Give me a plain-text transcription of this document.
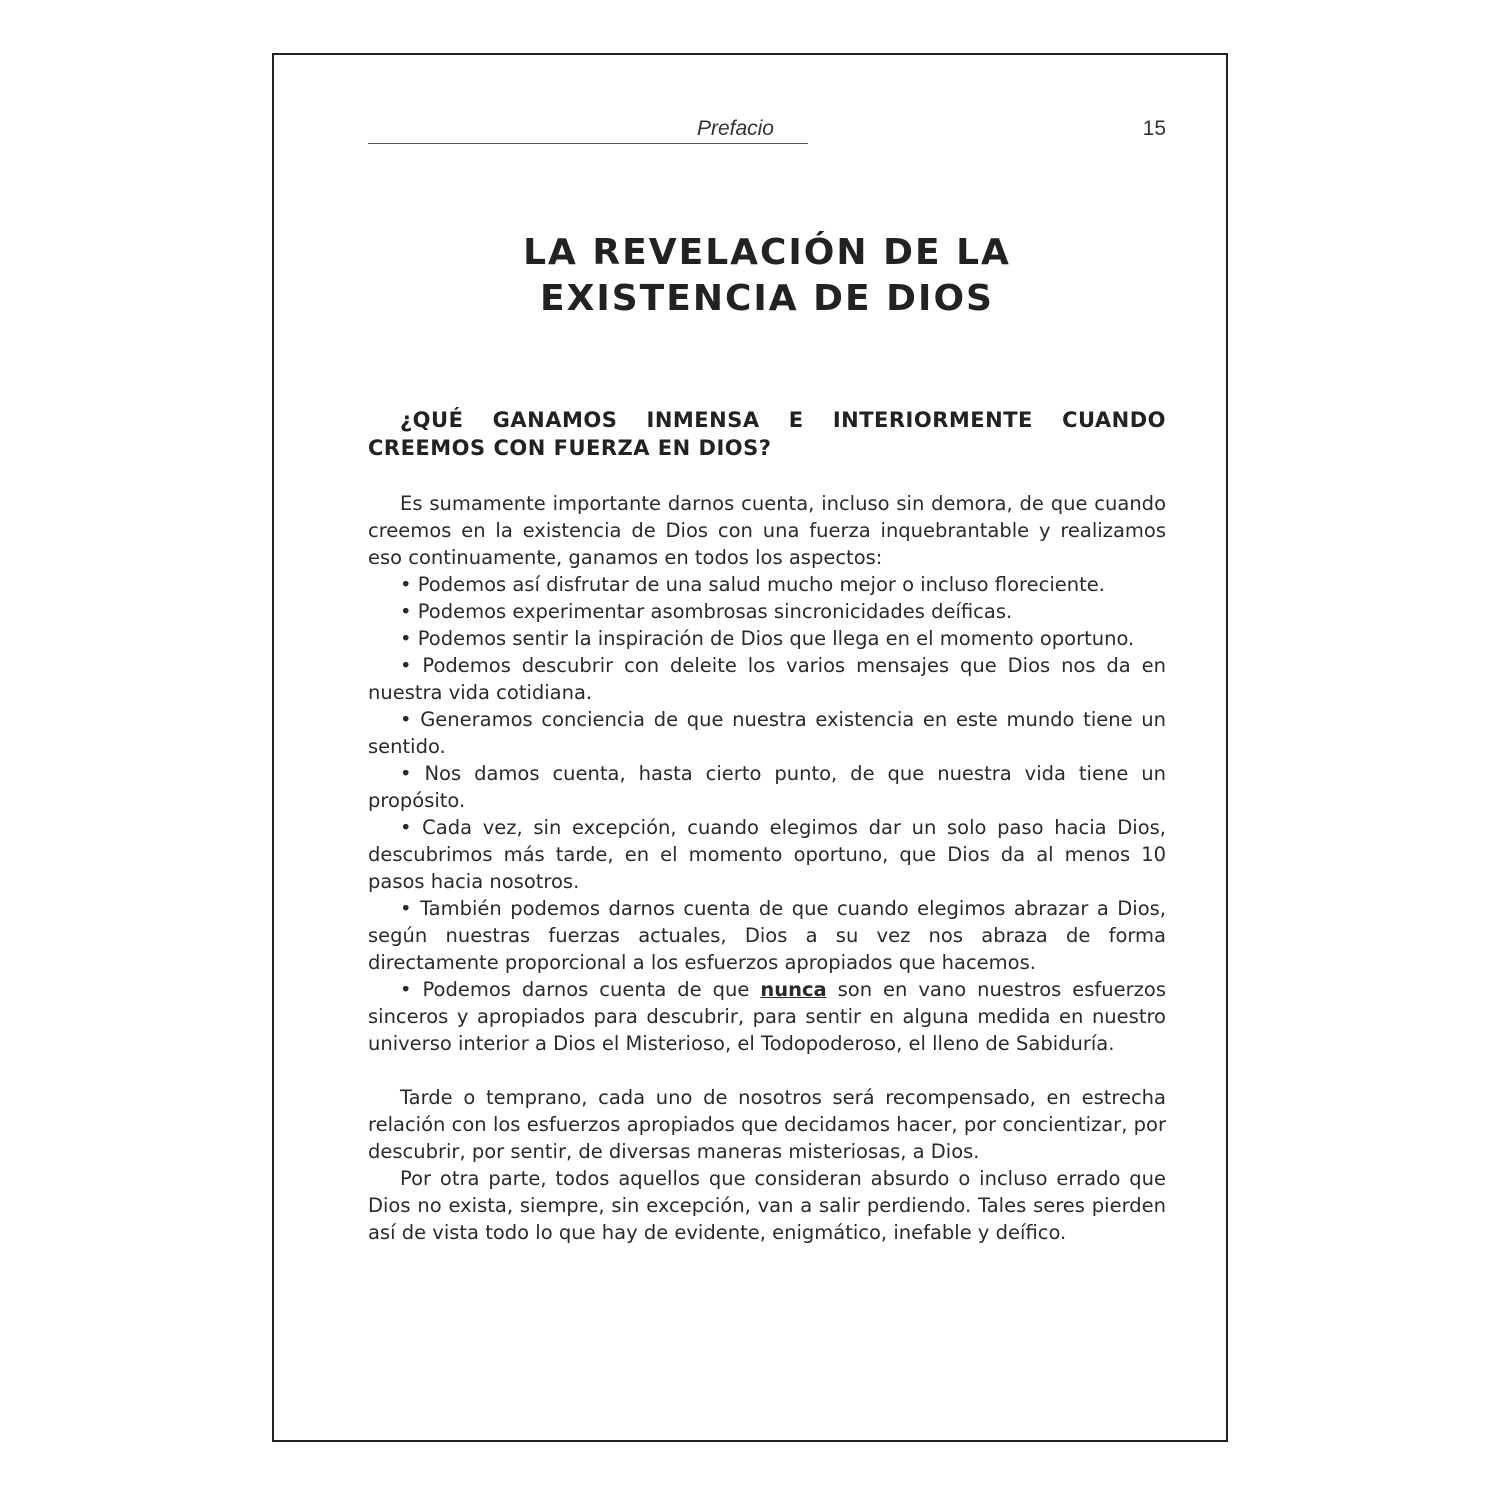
Prefacio	15
LA REVELACIÓN DE LA
EXISTENCIA DE DIOS
¿QUÉ GANAMOS INMENSA E INTERIORMENTE CUANDO
CREEMOS CON FUERZA EN DIOS?

Es sumamente importante darnos cuenta, incluso sin demora, de que cuando creemos en la existencia de Dios con una fuerza inquebrantable y realizamos eso continuamente, ganamos en todos los aspectos:

• Podemos así disfrutar de una salud mucho mejor o incluso floreciente.

• Podemos experimentar asombrosas sincronicidades deíficas.

• Podemos sentir la inspiración de Dios que llega en el momento oportuno.

• Podemos descubrir con deleite los varios mensajes que Dios nos da en nuestra vida cotidiana.

• Generamos conciencia de que nuestra existencia en este mundo tiene un sentido.

• Nos damos cuenta, hasta cierto punto, de que nuestra vida tiene un propósito.

• Cada vez, sin excepción, cuando elegimos dar un solo paso hacia Dios, descubrimos más tarde, en el momento oportuno, que Dios da al menos 10 pasos hacia nosotros.

• También podemos darnos cuenta de que cuando elegimos abrazar a Dios, según nuestras fuerzas actuales, Dios a su vez nos abraza de forma directamente proporcional a los esfuerzos apropiados que hacemos.

• Podemos darnos cuenta de que nunca son en vano nuestros esfuerzos sinceros y apropiados para descubrir, para sentir en alguna medida en nuestro universo interior a Dios el Misterioso, el Todopoderoso, el lleno de Sabiduría.

Tarde o temprano, cada uno de nosotros será recompensado, en estrecha relación con los esfuerzos apropiados que decidamos hacer, por concientizar, por descubrir, por sentir, de diversas maneras misteriosas, a Dios.

Por otra parte, todos aquellos que consideran absurdo o incluso errado que Dios no exista, siempre, sin excepción, van a salir perdiendo. Tales seres pierden así de vista todo lo que hay de evidente, enigmático, inefable y deífico.
